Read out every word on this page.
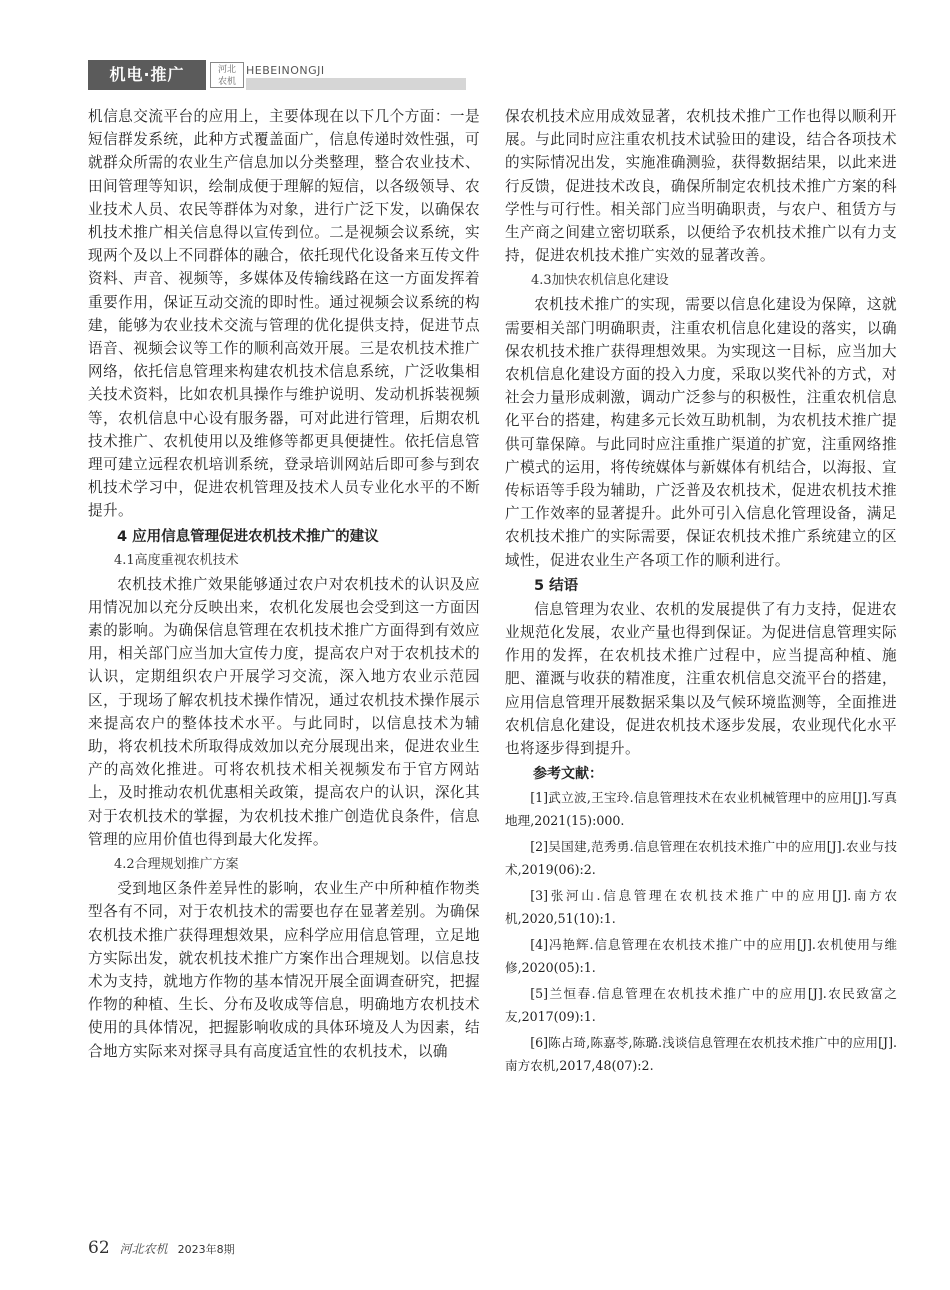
机电·推广	河北
农机
HEBEINONGJI

机信息交流平台的应用上，主要体现在以下几个方面：一是短信群发系统，此种方式覆盖面广，信息传递时效性强，可就群众所需的农业生产信息加以分类整理，整合农业技术、田间管理等知识，绘制成便于理解的短信，以各级领导、农业技术人员、农民等群体为对象，进行广泛下发，以确保农机技术推广相关信息得以宣传到位。二是视频会议系统，实现两个及以上不同群体的融合，依托现代化设备来互传文件资料、声音、视频等，多媒体及传输线路在这一方面发挥着重要作用，保证互动交流的即时性。通过视频会议系统的构建，能够为农业技术交流与管理的优化提供支持，促进节点语音、视频会议等工作的顺利高效开展。三是农机技术推广网络，依托信息管理来构建农机技术信息系统，广泛收集相关技术资料，比如农机具操作与维护说明、发动机拆装视频等，农机信息中心设有服务器，可对此进行管理，后期农机技术推广、农机使用以及维修等都更具便捷性。依托信息管理可建立远程农机培训系统，登录培训网站后即可参与到农机技术学习中，促进农机管理及技术人员专业化水平的不断提升。

4 应用信息管理促进农机技术推广的建议
4.1高度重视农机技术

农机技术推广效果能够通过农户对农机技术的认识及应用情况加以充分反映出来，农机化发展也会受到这一方面因素的影响。为确保信息管理在农机技术推广方面得到有效应用，相关部门应当加大宣传力度，提高农户对于农机技术的认识，定期组织农户开展学习交流，深入地方农业示范园区，于现场了解农机技术操作情况，通过农机技术操作展示来提高农户的整体技术水平。与此同时，以信息技术为辅助，将农机技术所取得成效加以充分展现出来，促进农业生产的高效化推进。可将农机技术相关视频发布于官方网站上，及时推动农机优惠相关政策，提高农户的认识，深化其对于农机技术的掌握，为农机技术推广创造优良条件，信息管理的应用价值也得到最大化发挥。

4.2合理规划推广方案

受到地区条件差异性的影响，农业生产中所种植作物类型各有不同，对于农机技术的需要也存在显著差别。为确保农机技术推广获得理想效果，应科学应用信息管理，立足地方实际出发，就农机技术推广方案作出合理规划。以信息技术为支持，就地方作物的基本情况开展全面调查研究，把握作物的种植、生长、分布及收成等信息，明确地方农机技术使用的具体情况，把握影响收成的具体环境及人为因素，结合地方实际来对探寻具有高度适宜性的农机技术，以确

保农机技术应用成效显著，农机技术推广工作也得以顺利开展。与此同时应注重农机技术试验田的建设，结合各项技术的实际情况出发，实施准确测验，获得数据结果，以此来进行反馈，促进技术改良，确保所制定农机技术推广方案的科学性与可行性。相关部门应当明确职责，与农户、租赁方与生产商之间建立密切联系，以便给予农机技术推广以有力支持，促进农机技术推广实效的显著改善。

4.3加快农机信息化建设

农机技术推广的实现，需要以信息化建设为保障，这就需要相关部门明确职责，注重农机信息化建设的落实，以确保农机技术推广获得理想效果。为实现这一目标，应当加大农机信息化建设方面的投入力度，采取以奖代补的方式，对社会力量形成刺激，调动广泛参与的积极性，注重农机信息化平台的搭建，构建多元长效互助机制，为农机技术推广提供可靠保障。与此同时应注重推广渠道的扩宽，注重网络推广模式的运用，将传统媒体与新媒体有机结合，以海报、宣传标语等手段为辅助，广泛普及农机技术，促进农机技术推广工作效率的显著提升。此外可引入信息化管理设备，满足农机技术推广的实际需要，保证农机技术推广系统建立的区域性，促进农业生产各项工作的顺利进行。

5 结语

信息管理为农业、农机的发展提供了有力支持，促进农业规范化发展，农业产量也得到保证。为促进信息管理实际作用的发挥，在农机技术推广过程中，应当提高种植、施肥、灌溉与收获的精准度，注重农机信息交流平台的搭建，应用信息管理开展数据采集以及气候环境监测等，全面推进农机信息化建设，促进农机技术逐步发展，农业现代化水平也将逐步得到提升。

参考文献：

[1]武立波,王宝玲.信息管理技术在农业机械管理中的应用[J].写真地理,2021(15):000.

[2]吴国建,范秀勇.信息管理在农机技术推广中的应用[J].农业与技术,2019(06):2.

[3]张河山.信息管理在农机技术推广中的应用[J].南方农机,2020,51(10):1.

[4]冯艳辉.信息管理在农机技术推广中的应用[J].农机使用与维修,2020(05):1.

[5]兰恒春.信息管理在农机技术推广中的应用[J].农民致富之友,2017(09):1.

[6]陈占琦,陈嘉苓,陈璐.浅谈信息管理在农机技术推广中的应用[J].南方农机,2017,48(07):2.

62 河北农机 2023年8期
